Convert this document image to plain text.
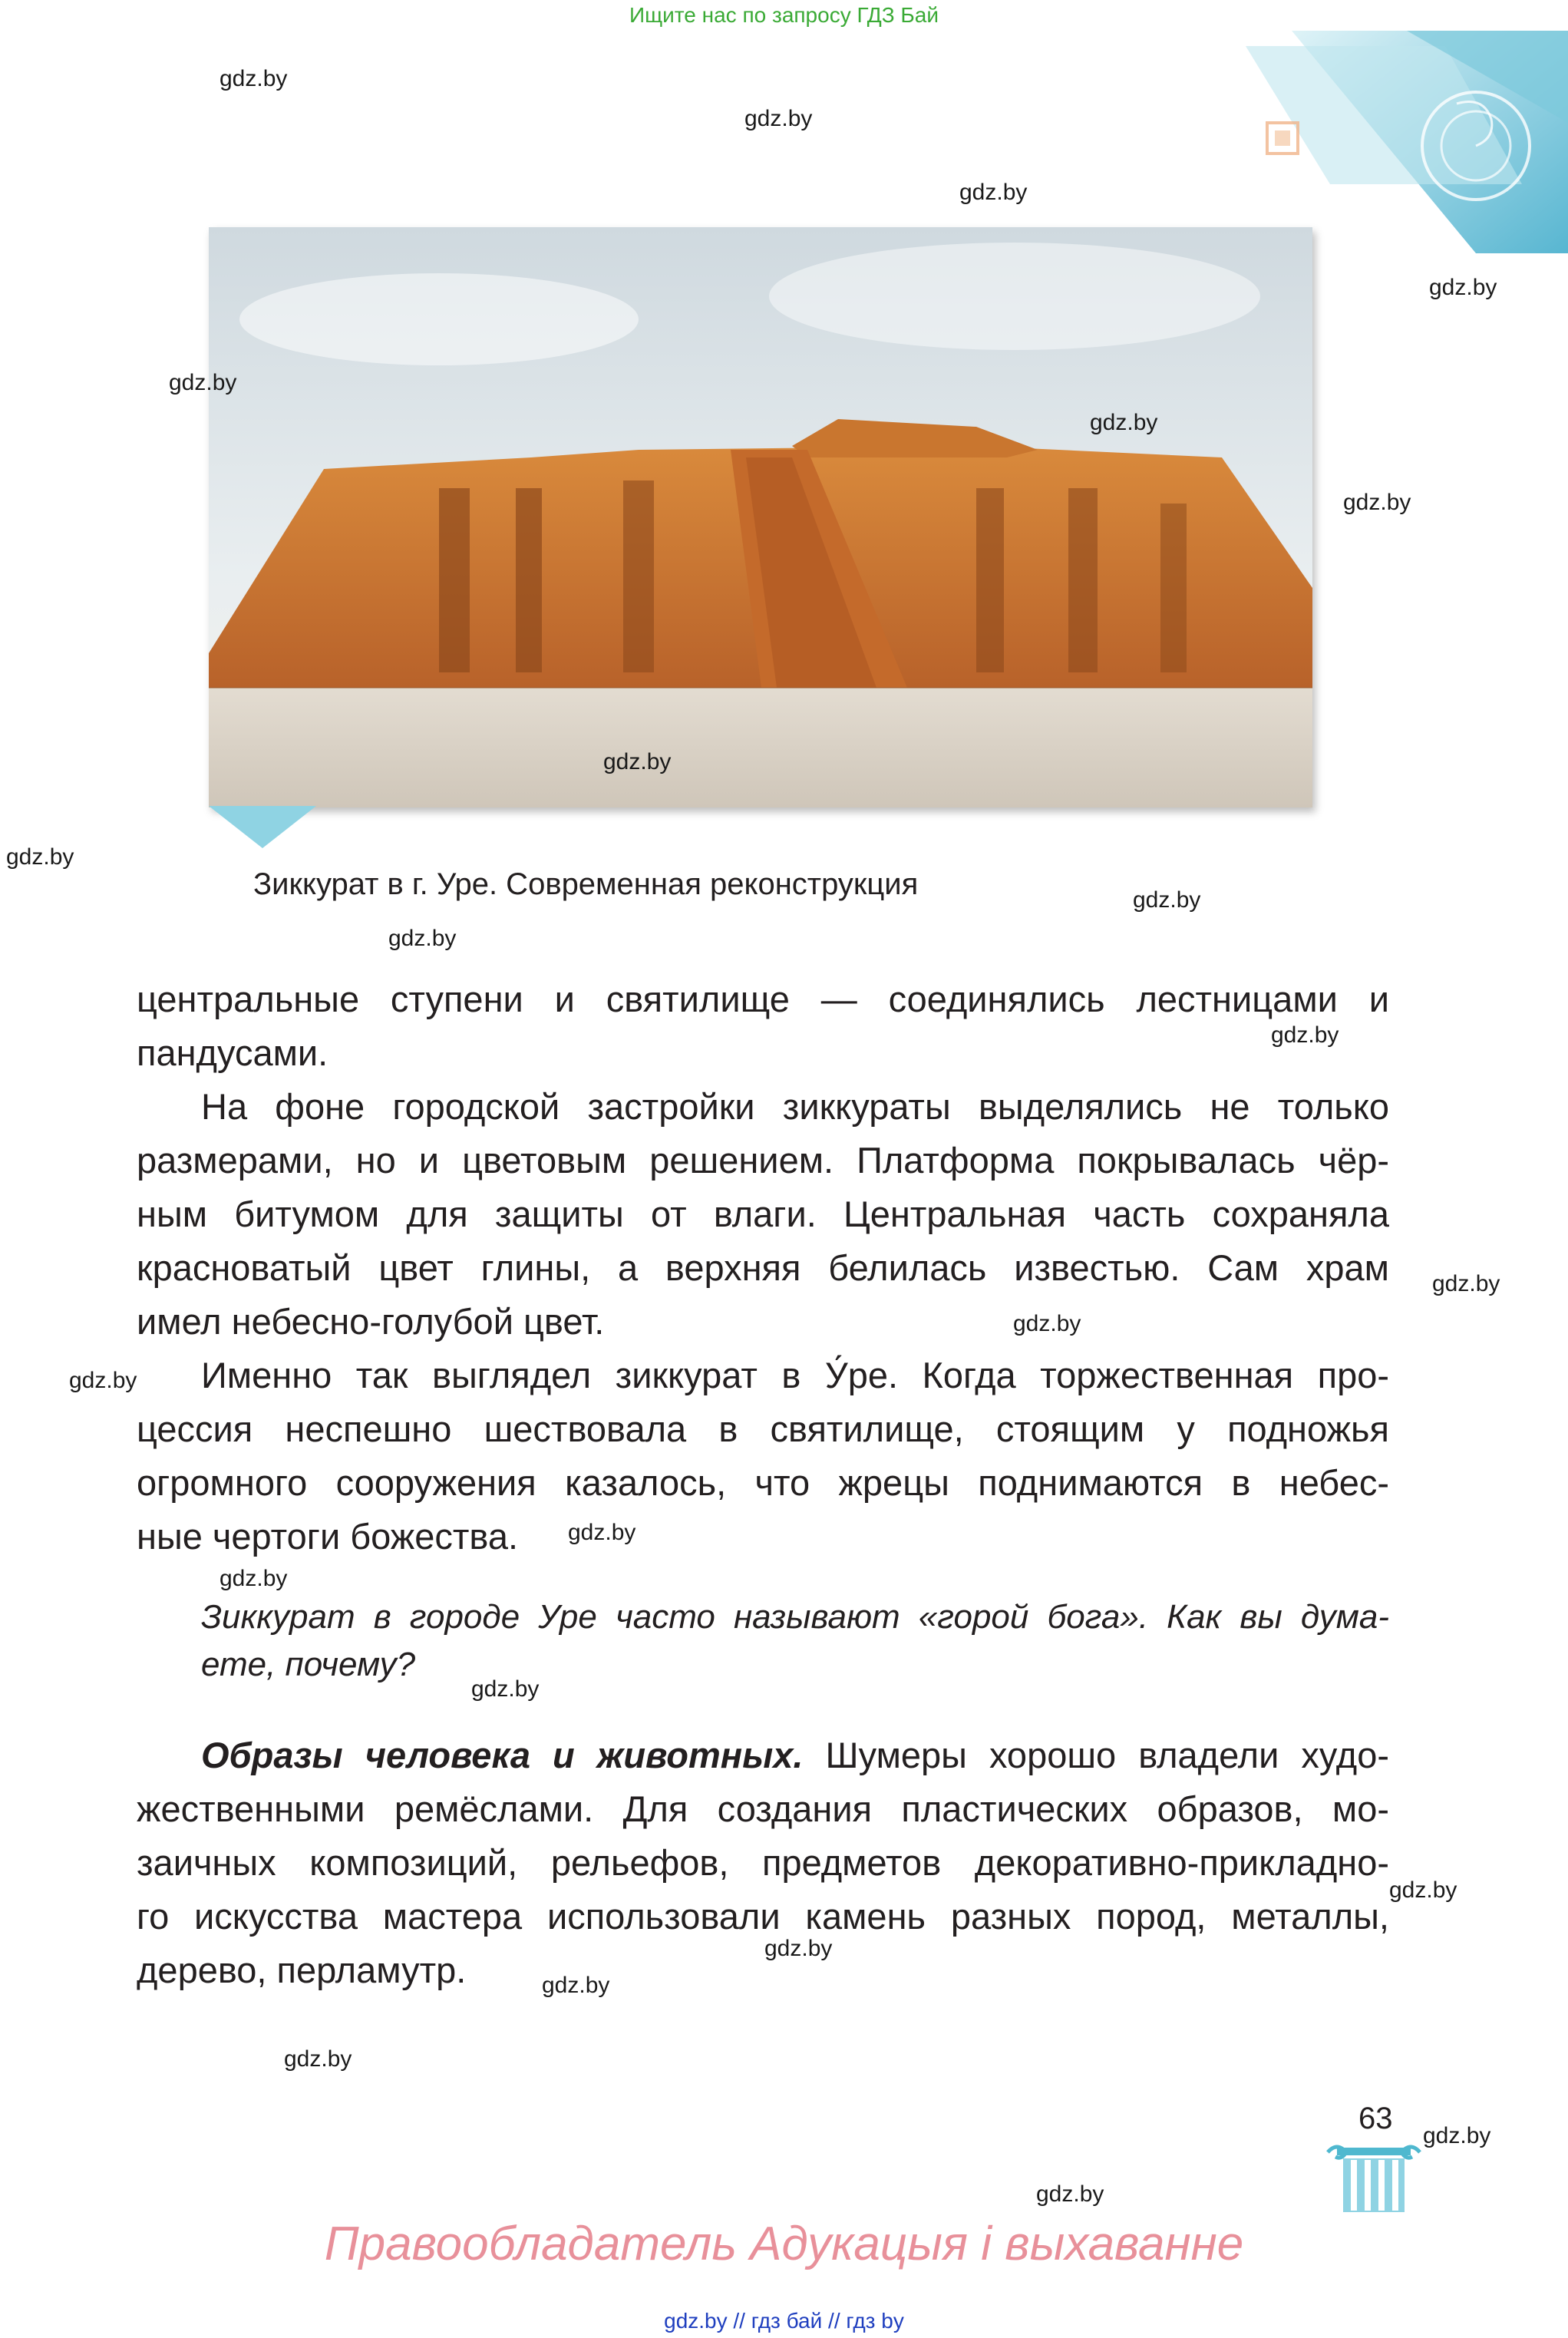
Ищите нас по запросу ГДЗ Бай
Зиккурат в г. Уре. Современная реконструкция
центральные ступени и святилище — соединялись лестницами и
пандусами.
На фоне городской застройки зиккураты выделялись не только
размерами, но и цветовым решением. Платформа покрывалась чёр-
ным битумом для защиты от влаги. Центральная часть сохраняла
красноватый цвет глины, а верхняя белилась известью. Сам храм
имел небесно-голубой цвет.
Именно так выглядел зиккурат в У́ре. Когда торжественная про-
цессия неспешно шествовала в святилище, стоящим у подножья
огромного сооружения казалось, что жрецы поднимаются в небес-
ные чертоги божества.
Зиккурат в городе Уре часто называют «горой бога». Как вы дума-
ете, почему?
Образы человека и животных. Шумеры хорошо владели худо-
жественными ремёслами. Для создания пластических образов, мо-
заичных композиций, рельефов, предметов декоративно-прикладно-
го искусства мастера использовали камень разных пород, металлы,
дерево, перламутр.
63
Правообладатель Адукацыя і выхаванне
gdz.by // гдз бай // гдз by
gdz.by
gdz.by
gdz.by
gdz.by
gdz.by
gdz.by
gdz.by
gdz.by
gdz.by
gdz.by
gdz.by
gdz.by
gdz.by
gdz.by
gdz.by
gdz.by
gdz.by
gdz.by
gdz.by
gdz.by
gdz.by
gdz.by
gdz.by
gdz.by
